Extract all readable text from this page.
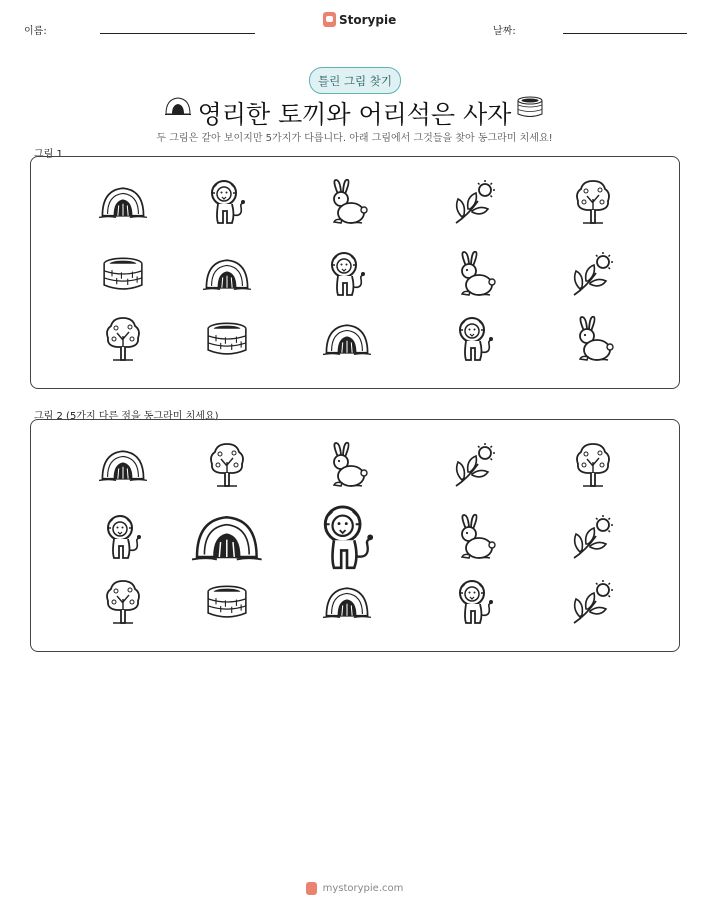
이름:
Storypie
날짜:
틀린 그림 찾기
영리한 토끼와 어리석은 사자
두 그림은 같아 보이지만 5가지가 다릅니다. 아래 그림에서 그것들을 찾아 동그라미 치세요!
그림 1
그림 2 (5가지 다른 점을 동그라미 치세요)
mystorypie.com
